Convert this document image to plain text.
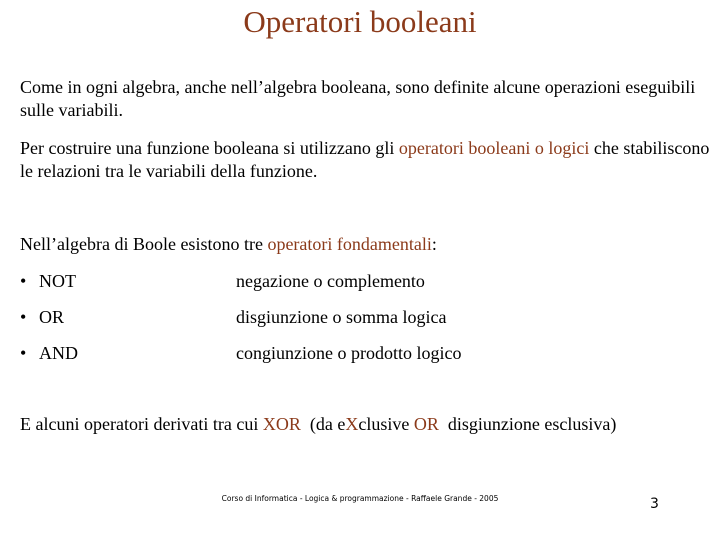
Operatori booleani
Come in ogni algebra, anche nell’algebra booleana, sono definite alcune operazioni eseguibili sulle variabili.
Per costruire una funzione booleana si utilizzano gli operatori booleani o logici che stabiliscono le relazioni tra le variabili della funzione.
Nell’algebra di Boole esistono tre operatori fondamentali:
• NOT	negazione o complemento
• OR	disgiunzione o somma logica
• AND	congiunzione o prodotto logico
E alcuni operatori derivati tra cui XOR  (da eXclusive OR  disgiunzione esclusiva)
Corso di Informatica - Logica & programmazione - Raffaele Grande - 2005	3
